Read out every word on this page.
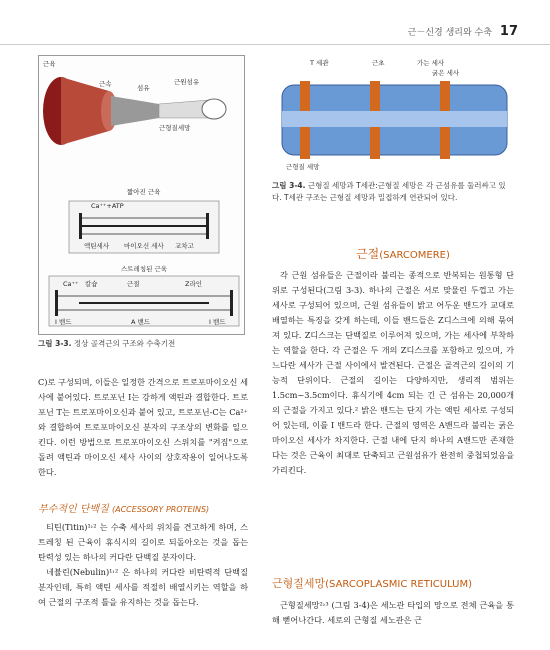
근－신경 생리와 수축 17
근육
근속	섬유
근원섬유
근형질세망
짧아진 근육
Ca⁺⁺+ATP
액틴세사 마이오신 세사 교차고
스트레칭된 근육
Ca⁺⁺ 칼슘	근절	Z라인
I 밴드	A 밴드	I 밴드
그림 3-3. 정상 골격근의 구조와 수축기전
T 세관	근초	가는 세사
굵은 세사
근형질 세망
그림 3-4. 근형질 세망과 T세관:근형질 세망은 각 근섬유를 둘러싸고 있다. T세관 구조는 근형질 세망과 밀접하게 연관되어 있다.

C)로 구성되며, 이들은 일정한 간격으로 트로포마이오신 세사에 붙어있다. 트로포닌 I는 강하게 액틴과 결합한다. 트로포닌 T는 트로포마이오신과 붙어 있고, 트로포닌-C는 Ca²⁺와 결합하여 트로포마이오신 분자의 구조상의 변화를 일으킨다. 이런 방법으로 트로포마이오신 스위치를 "켜짐"으로 돌려 액틴과 마이오신 세사 사이의 상호작용이 일어나도록 한다.

부수적인 단백질 (ACCESSORY PROTEINS)

티틴(Titin)¹˒² 는 수축 세사의 위치를 견고하게 하며, 스트레칭 된 근육이 휴식시의 길이로 되돌아오는 것을 돕는 탄력성 있는 하나의 커다란 단백질 분자이다.

네뷸린(Nebulin)¹˒² 은 하나의 커다란 비탄력적 단백질 분자인데, 특히 액틴 세사를 적절히 배열시키는 역할을 하여 근절의 구조적 틀을 유지하는 것을 돕는다.

근절(SARCOMERE)

각 근원 섬유들은 근절이라 불리는 종적으로 반복되는 원통형 단위로 구성된다(그림 3-3). 하나의 근절은 서로 맞물린 두껍고 가는 세사로 구성되어 있으며, 근원 섬유들이 밝고 어두운 밴드가 교대로 배열하는 특징을 갖게 하는데, 이들 밴드들은 Z디스크에 의해 묶여져 있다. Z디스크는 단백질로 이루어져 있으며, 가는 세사에 부착하는 역할을 한다. 각 근절은 두 개의 Z디스크를 포함하고 있으며, 가느다란 세사가 근절 사이에서 발견된다. 근절은 골격근의 길이의 기능적 단위이다. 근절의 길이는 다양하지만, 생리적 범위는 1.5cm~3.5cm이다. 휴식기에 4cm 되는 긴 근 섬유는 20,000개의 근절을 가지고 있다.² 밝은 밴드는 단지 가는 액틴 세사로 구성되어 있는데, 이를 I 밴드라 한다. 근절의 영역은 A밴드라 불리는 굵은 마이오신 세사가 차지한다. 근절 내에 단지 하나의 A밴드만 존재한다는 것은 근육이 최대로 단축되고 근원섬유가 완전히 중첩되었음을 가리킨다.

근형질세망(SARCOPLASMIC RETICULUM)

근형질세망²˒³ (그림 3-4)은 세노관 타입의 망으로 전체 근육을 통해 뻗어나간다. 세로의 근형질 세노관은 근
